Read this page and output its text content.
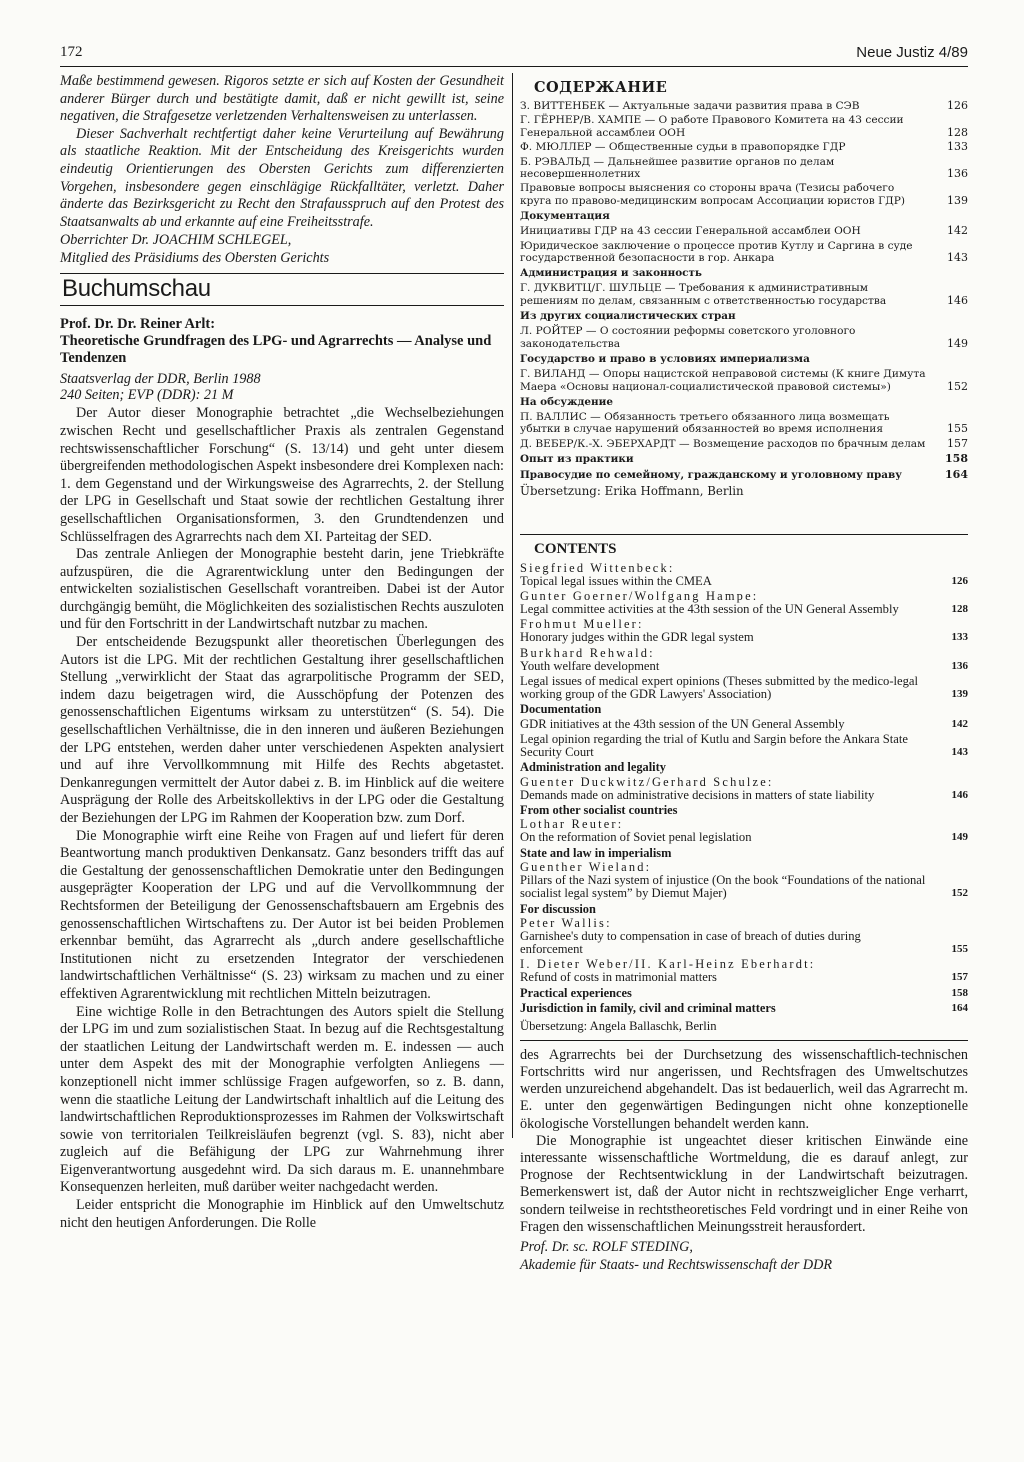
172	Neue Justiz 4/89

Maße bestimmend gewesen. Rigoros setzte er sich auf Kosten der Gesundheit anderer Bürger durch und bestätigte damit, daß er nicht gewillt ist, seine negativen, die Strafgesetze verletzenden Verhaltensweisen zu unterlassen.

Dieser Sachverhalt rechtfertigt daher keine Verurteilung auf Bewährung als staatliche Reaktion. Mit der Entscheidung des Kreisgerichts wurden eindeutig Orientierungen des Obersten Gerichts zum differenzierten Vorgehen, insbesondere gegen einschlägige Rückfalltäter, verletzt. Daher änderte das Bezirksgericht zu Recht den Strafausspruch auf den Protest des Staatsanwalts ab und erkannte auf eine Freiheitsstrafe.

Oberrichter Dr. JOACHIM SCHLEGEL,
Mitglied des Präsidiums des Obersten Gerichts
Buchumschau
Prof. Dr. Dr. Reiner Arlt:
Theoretische Grundfragen des LPG- und Agrarrechts — Analyse und Tendenzen
Staatsverlag der DDR, Berlin 1988
240 Seiten; EVP (DDR): 21 M

Der Autor dieser Monographie betrachtet „die Wechselbeziehungen zwischen Recht und gesellschaftlicher Praxis als zentralen Gegenstand rechtswissenschaftlicher Forschung“ (S. 13/14) und geht unter diesem übergreifenden methodologischen Aspekt insbesondere drei Komplexen nach: 1. dem Gegenstand und der Wirkungsweise des Agrarrechts, 2. der Stellung der LPG in Gesellschaft und Staat sowie der rechtlichen Gestaltung ihrer gesellschaftlichen Organisationsformen, 3. den Grundtendenzen und Schlüsselfragen des Agrarrechts nach dem XI. Parteitag der SED.

Das zentrale Anliegen der Monographie besteht darin, jene Triebkräfte aufzuspüren, die die Agrarentwicklung unter den Bedingungen der entwickelten sozialistischen Gesellschaft vorantreiben. Dabei ist der Autor durchgängig bemüht, die Möglichkeiten des sozialistischen Rechts auszuloten und für den Fortschritt in der Landwirtschaft nutzbar zu machen.

Der entscheidende Bezugspunkt aller theoretischen Überlegungen des Autors ist die LPG. Mit der rechtlichen Gestaltung ihrer gesellschaftlichen Stellung „verwirklicht der Staat das agrarpolitische Programm der SED, indem dazu beigetragen wird, die Ausschöpfung der Potenzen des genossenschaftlichen Eigentums wirksam zu unterstützen“ (S. 54). Die gesellschaftlichen Verhältnisse, die in den inneren und äußeren Beziehungen der LPG entstehen, werden daher unter verschiedenen Aspekten analysiert und auf ihre Vervollkommnung mit Hilfe des Rechts abgetastet. Denkanregungen vermittelt der Autor dabei z. B. im Hinblick auf die weitere Ausprägung der Rolle des Arbeitskollektivs in der LPG oder die Gestaltung der Beziehungen der LPG im Rahmen der Kooperation bzw. zum Dorf.

Die Monographie wirft eine Reihe von Fragen auf und liefert für deren Beantwortung manch produktiven Denkansatz. Ganz besonders trifft das auf die Gestaltung der genossenschaftlichen Demokratie unter den Bedingungen ausgeprägter Kooperation der LPG und auf die Vervollkommnung der Rechtsformen der Beteiligung der Genossenschaftsbauern am Ergebnis des genossenschaftlichen Wirtschaftens zu. Der Autor ist bei beiden Problemen erkennbar bemüht, das Agrarrecht als „durch andere gesellschaftliche Institutionen nicht zu ersetzenden Integrator der verschiedenen landwirtschaftlichen Verhältnisse“ (S. 23) wirksam zu machen und zu einer effektiven Agrarentwicklung mit rechtlichen Mitteln beizutragen.

Eine wichtige Rolle in den Betrachtungen des Autors spielt die Stellung der LPG im und zum sozialistischen Staat. In bezug auf die Rechtsgestaltung der staatlichen Leitung der Landwirtschaft werden m. E. indessen — auch unter dem Aspekt des mit der Monographie verfolgten Anliegens — konzeptionell nicht immer schlüssige Fragen aufgeworfen, so z. B. dann, wenn die staatliche Leitung der Landwirtschaft inhaltlich auf die Leitung des landwirtschaftlichen Reproduktionsprozesses im Rahmen der Volkswirtschaft sowie von territorialen Teilkreisläufen begrenzt (vgl. S. 83), nicht aber zugleich auf die Befähigung der LPG zur Wahrnehmung ihrer Eigenverantwortung ausgedehnt wird. Da sich daraus m. E. unannehmbare Konsequenzen herleiten, muß darüber weiter nachgedacht werden.

Leider entspricht die Monographie im Hinblick auf den Umweltschutz nicht den heutigen Anforderungen. Die Rolle

СОДЕРЖАНИЕ
З. ВИТТЕНБЕК — Актуальные задачи развития права в СЭВ	126
Г. ГЁРНЕР/В. ХАМПЕ — О работе Правового Комитета на 43 сессии Генеральной ассамблеи ООН	128
Ф. МЮЛЛЕР — Общественные судьи в правопорядке ГДР	133
Б. РЭВАЛЬД — Дальнейшее развитие органов по делам несовершеннолетних	136
Правовые вопросы выяснения со стороны врача (Тезисы рабочего круга по правово-медицинским вопросам Ассоциации юристов ГДР)	139
Документация
Инициативы ГДР на 43 сессии Генеральной ассамблеи ООН	142
Юридическое заключение о процессе против Кутлу и Саргина в суде государственной безопасности в гор. Анкара	143
Администрация и законность
Г. ДУКВИТЦ/Г. ШУЛЬЦЕ — Требования к административным решениям по делам, связанным с ответственностью государства	146
Из других социалистических стран
Л. РОЙТЕР — О состоянии реформы советского уголовного законодательства	149
Государство и право в условиях империализма
Г. ВИЛАНД — Опоры нацистской неправовой системы (К книге Димута Маера «Основы национал-социалистической правовой системы»)	152
На обсуждение
П. ВАЛЛИС — Обязанность третьего обязанного лица возмещать убытки в случае нарушений обязанностей во время исполнения	155
Д. ВЕБЕР/К.-Х. ЭБЕРХАРДТ — Возмещение расходов по брачным делам	157
Опыт из практики	158
Правосудие по семейному, гражданскому и уголовному праву	164
Übersetzung: Erika Hoffmann, Berlin
CONTENTS
Siegfried Wittenbeck:
Topical legal issues within the CMEA	126
Gunter Goerner/Wolfgang Hampe:
Legal committee activities at the 43th session of the UN General Assembly	128
Frohmut Mueller:
Honorary judges within the GDR legal system	133
Burkhard Rehwald:
Youth welfare development	136
Legal issues of medical expert opinions (Theses submitted by the medico-legal working group of the GDR Lawyers' Association)	139
Documentation
GDR initiatives at the 43th session of the UN General Assembly	142
Legal opinion regarding the trial of Kutlu and Sargin before the Ankara State Security Court	143
Administration and legality
Guenter Duckwitz/Gerhard Schulze:
Demands made on administrative decisions in matters of state liability	146
From other socialist countries
Lothar Reuter:
On the reformation of Soviet penal legislation	149
State and law in imperialism
Guenther Wieland:
Pillars of the Nazi system of injustice (On the book “Foundations of the national socialist legal system” by Diemut Majer)	152
For discussion
Peter Wallis:
Garnishee's duty to compensation in case of breach of duties during enforcement	155
I. Dieter Weber/II. Karl-Heinz Eberhardt:
Refund of costs in matrimonial matters	157
Practical experiences	158
Jurisdiction in family, civil and criminal matters	164
Übersetzung: Angela Ballaschk, Berlin

des Agrarrechts bei der Durchsetzung des wissenschaftlich-technischen Fortschritts wird nur angerissen, und Rechtsfragen des Umweltschutzes werden unzureichend abgehandelt. Das ist bedauerlich, weil das Agrarrecht m. E. unter den gegenwärtigen Bedingungen nicht ohne konzeptionelle ökologische Vorstellungen behandelt werden kann.

Die Monographie ist ungeachtet dieser kritischen Einwände eine interessante wissenschaftliche Wortmeldung, die es darauf anlegt, zur Prognose der Rechtsentwicklung in der Landwirtschaft beizutragen. Bemerkenswert ist, daß der Autor nicht in rechtszweiglicher Enge verharrt, sondern teilweise in rechtstheoretisches Feld vordringt und in einer Reihe von Fragen den wissenschaftlichen Meinungsstreit herausfordert.

Prof. Dr. sc. ROLF STEDING,
Akademie für Staats- und Rechtswissenschaft der DDR
